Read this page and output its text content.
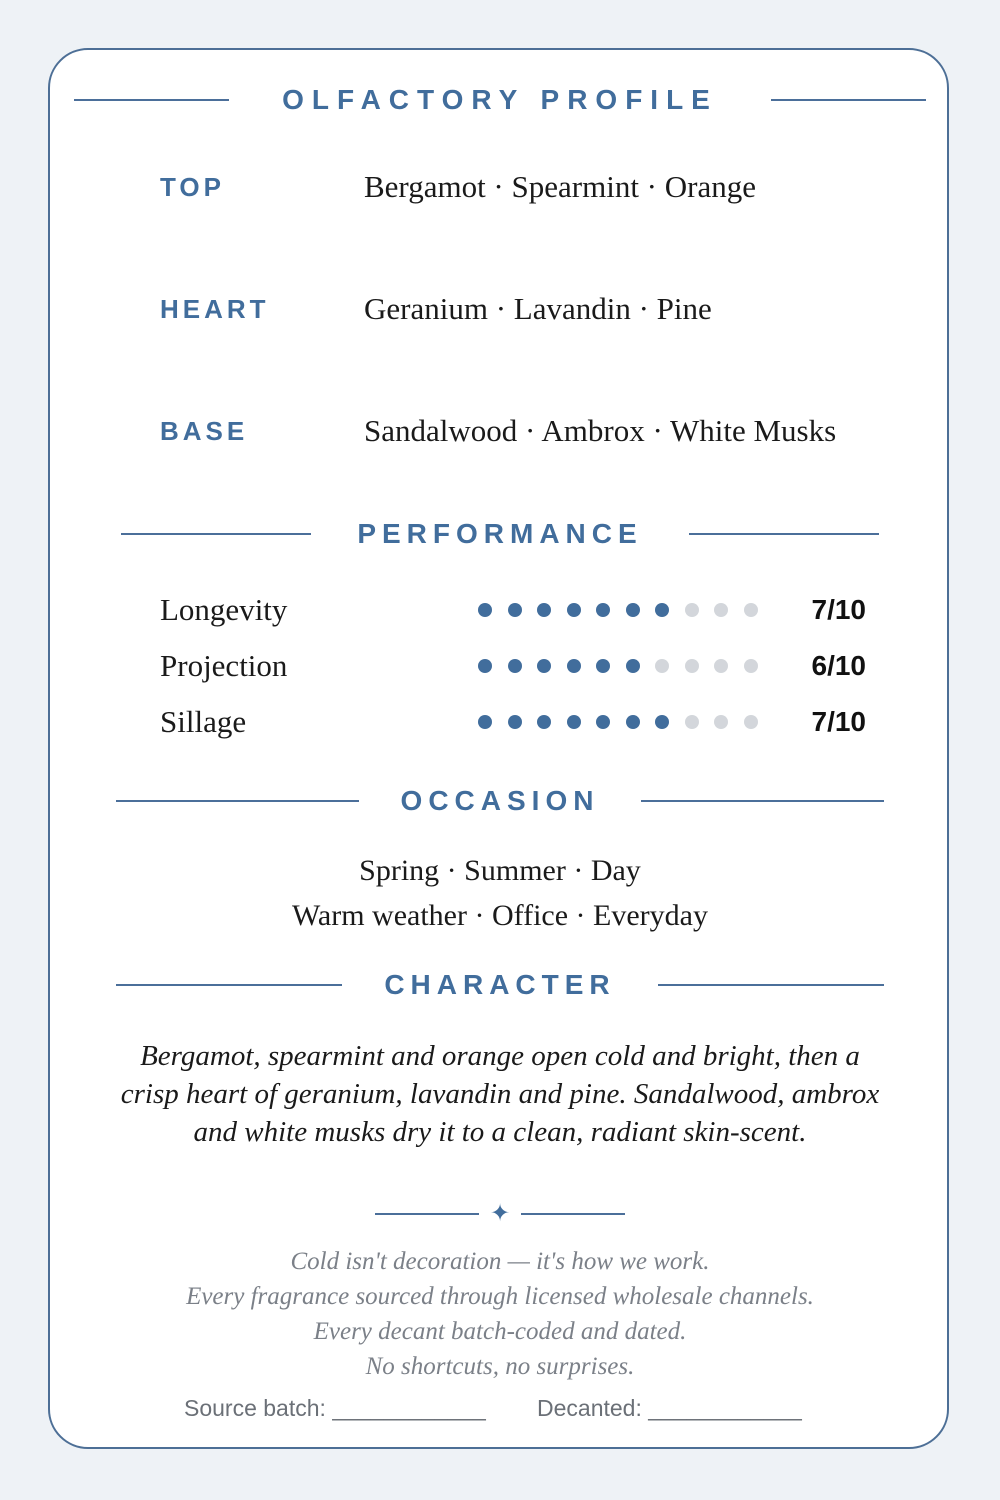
OLFACTORY PROFILE
TOP	Bergamot · Spearmint · Orange
HEART	Geranium · Lavandin · Pine
BASE	Sandalwood · Ambrox · White Musks
PERFORMANCE
Longevity	7/10
Projection	6/10
Sillage	7/10
OCCASION
Spring · Summer · Day
Warm weather · Office · Everyday
CHARACTER
Bergamot, spearmint and orange open cold and bright, then a
crisp heart of geranium, lavandin and pine. Sandalwood, ambrox
and white musks dry it to a clean, radiant skin-scent.
✦
Cold isn't decoration — it's how we work.
Every fragrance sourced through licensed wholesale channels.
Every decant batch-coded and dated.
No shortcuts, no surprises.
Source batch: ____________ Decanted: ____________
